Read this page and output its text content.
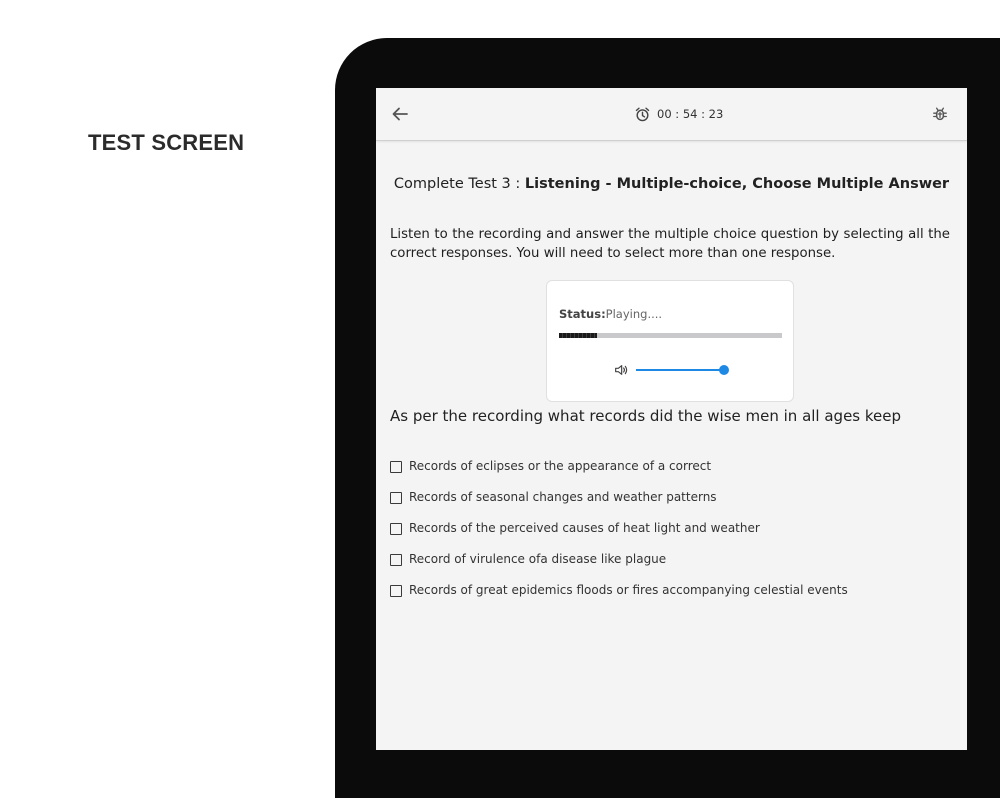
TEST SCREEN
00 : 54 : 23
Complete Test 3 : Listening - Multiple-choice, Choose Multiple Answer
Listen to the recording and answer the multiple choice question by selecting all the correct responses. You will need to select more than one response.
Status:Playing....
As per the recording what records did the wise men in all ages keep
Records of eclipses or the appearance of a correct
Records of seasonal changes and weather patterns
Records of the perceived causes of heat light and weather
Record of virulence ofa disease like plague
Records of great epidemics floods or fires accompanying celestial events
